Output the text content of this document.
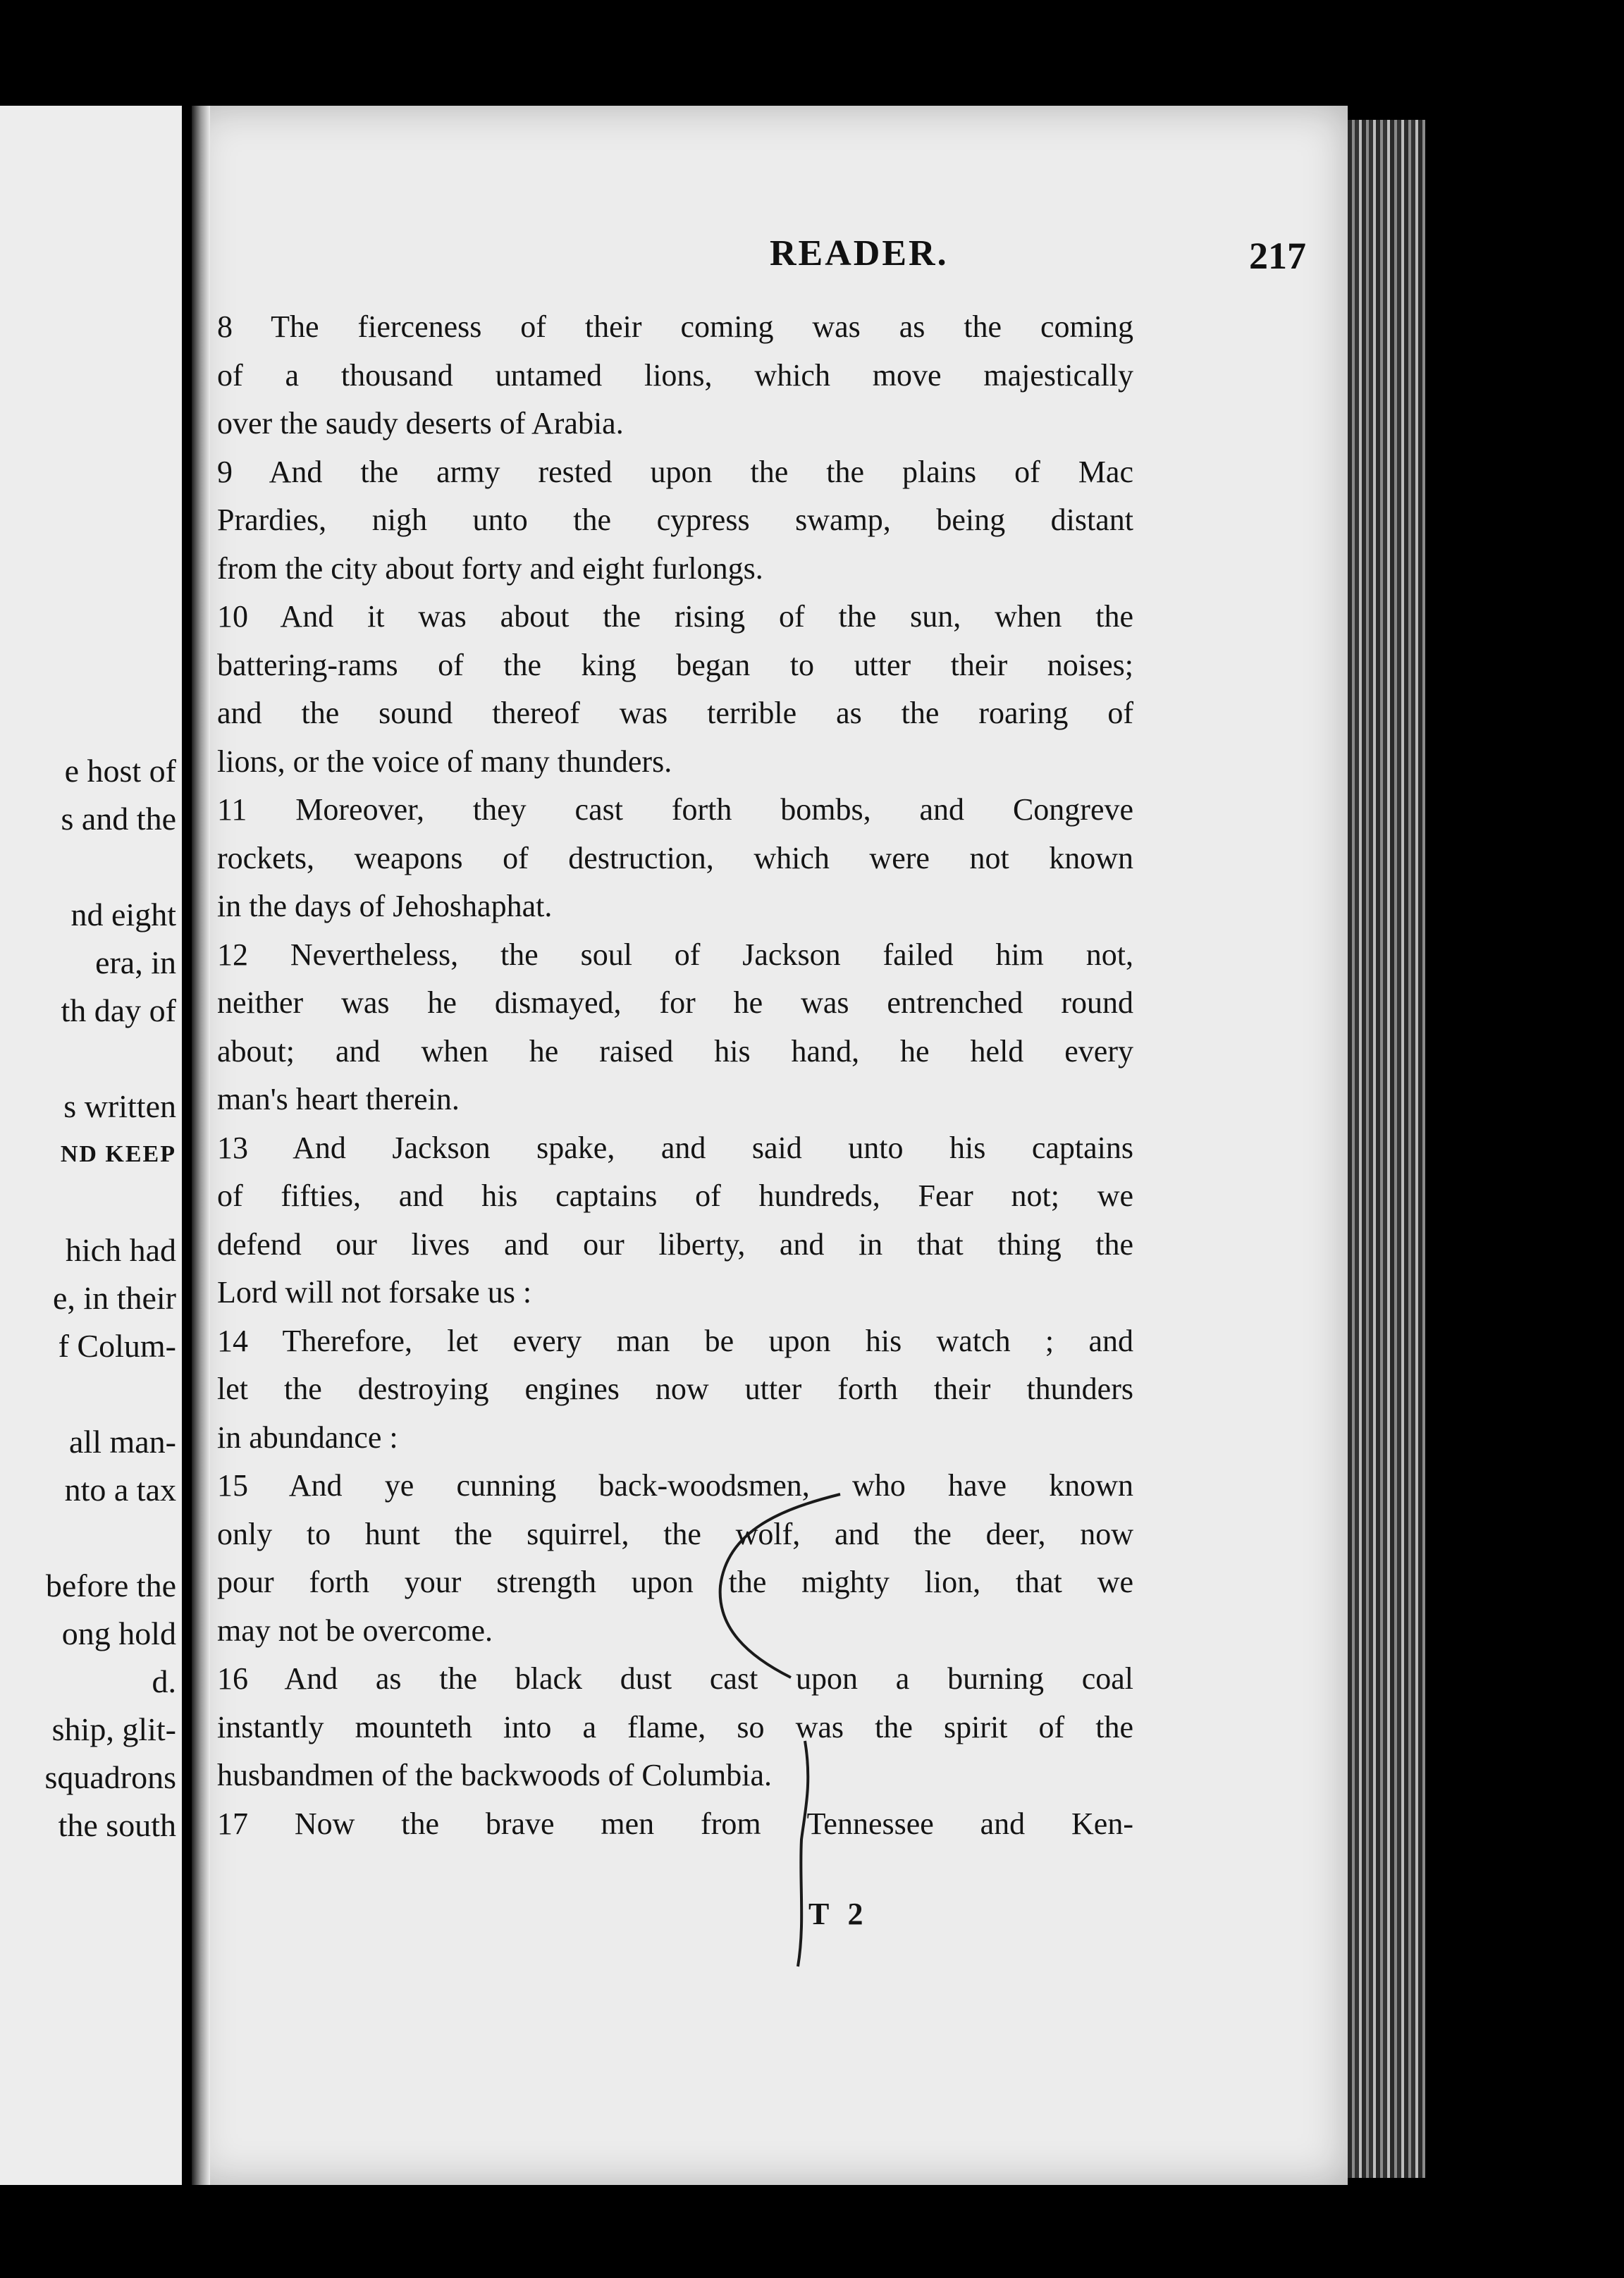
e host of
s and the
nd eight
era, in
th day of
s written
ND KEEP
hich had
e, in their
f Colum-
all man-
nto a tax
before the
ong hold
d.
ship, glit-
squadrons
the south
READER.	217

8 The fierceness of their coming was as the coming
of a thousand untamed lions, which move majestically
over the saudy deserts of Arabia.

9 And the army rested upon the the plains of Mac
Prardies, nigh unto the cypress swamp, being distant
from the city about forty and eight furlongs.

10 And it was about the rising of the sun, when the
battering-rams of the king began to utter their noises;
and the sound thereof was terrible as the roaring of
lions, or the voice of many thunders.

11 Moreover, they cast forth bombs, and Congreve
rockets, weapons of destruction, which were not known
in the days of Jehoshaphat.

12 Nevertheless, the soul of Jackson failed him not,
neither was he dismayed, for he was entrenched round
about; and when he raised his hand, he held every
man's heart therein.

13 And Jackson spake, and said unto his captains
of fifties, and his captains of hundreds, Fear not; we
defend our lives and our liberty, and in that thing the
Lord will not forsake us :

14 Therefore, let every man be upon his watch ; and
let the destroying engines now utter forth their thunders
in abundance :

15 And ye cunning back-woodsmen, who have known
only to hunt the squirrel, the wolf, and the deer, now
pour forth your strength upon the mighty lion, that we
may not be overcome.

16 And as the black dust cast upon a burning coal
instantly mounteth into a flame, so was the spirit of the
husbandmen of the backwoods of Columbia.

17 Now the brave men from Tennessee and Ken-

T 2
